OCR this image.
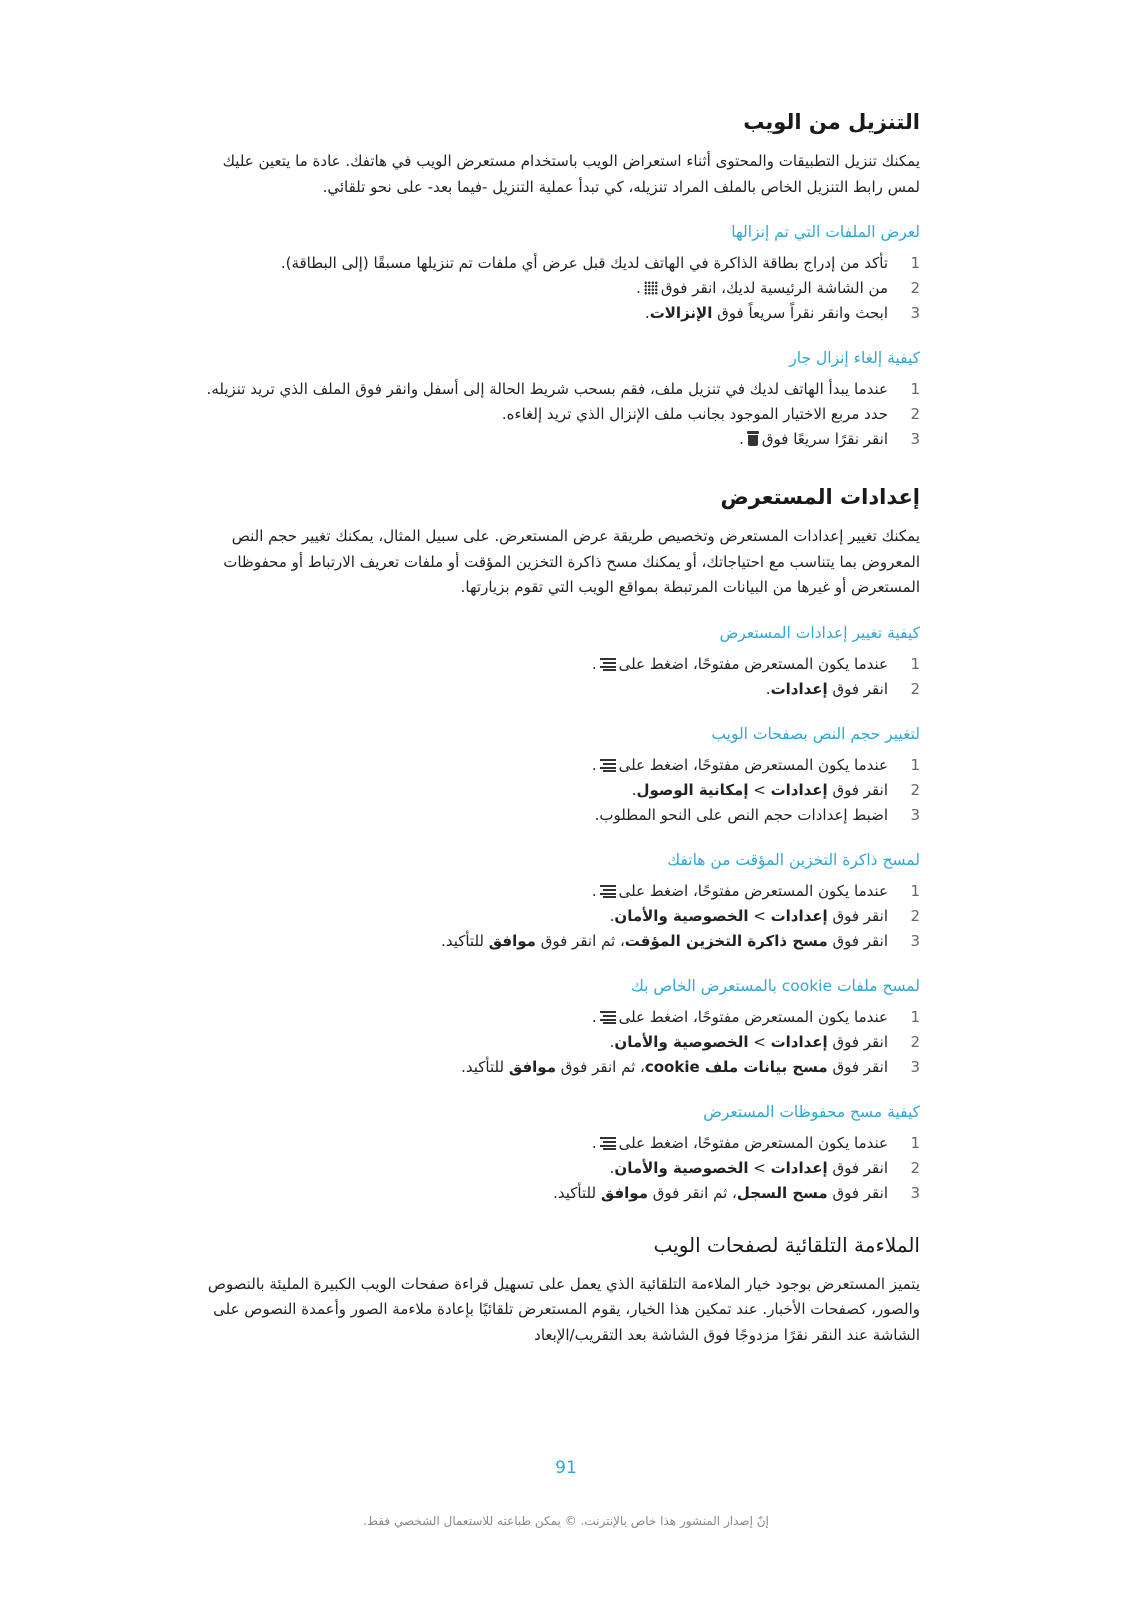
التنزيل من الويب

يمكنك تنزيل التطبيقات والمحتوى أثناء استعراض الويب باستخدام مستعرض الويب في هاتفك. عادة ما يتعين عليك لمس رابط التنزيل الخاص بالملف المراد تنزيله، كي تبدأ عملية التنزيل -فيما بعد- على نحو تلقائي.

لعرض الملفات التي تم إنزالها
1
تأكد من إدراج بطاقة الذاكرة في الهاتف لديك قبل عرض أي ملفات تم تنزيلها مسبقًا (إلى البطاقة).
2
من الشاشة الرئيسية لديك، انقر فوق.
3
ابحث وانقر نقراً سريعاً فوق الإنزالات.
كيفية إلغاء إنزال جار
1
عندما يبدأ الهاتف لديك في تنزيل ملف، فقم بسحب شريط الحالة إلى أسفل وانقر فوق الملف الذي تريد تنزيله.
2
حدد مربع الاختيار الموجود بجانب ملف الإنزال الذي تريد إلغاءه.
3
انقر نقرًا سريعًا فوق
.
إعدادات المستعرض

يمكنك تغيير إعدادات المستعرض وتخصيص طريقة عرض المستعرض. على سبيل المثال، يمكنك تغيير حجم النص المعروض بما يتناسب مع احتياجاتك، أو يمكنك مسح ذاكرة التخزين المؤقت أو ملفات تعريف الارتباط أو محفوظات المستعرض أو غيرها من البيانات المرتبطة بمواقع الويب التي تقوم بزيارتها.

كيفية تغيير إعدادات المستعرض
1
عندما يكون المستعرض مفتوحًا، اضغط على
.
2
انقر فوق إعدادات.
لتغيير حجم النص بصفحات الويب
1
عندما يكون المستعرض مفتوحًا، اضغط على
.
2
انقر فوق إعدادات > إمكانية الوصول.
3
اضبط إعدادات حجم النص على النحو المطلوب.
لمسح ذاكرة التخزين المؤقت من هاتفك
1
عندما يكون المستعرض مفتوحًا، اضغط على
.
2
انقر فوق إعدادات > الخصوصية والأمان.
3
انقر فوق مسح ذاكرة التخزين المؤقت، ثم انقر فوق موافق للتأكيد.
لمسح ملفات cookie بالمستعرض الخاص بك
1
عندما يكون المستعرض مفتوحًا، اضغط على
.
2
انقر فوق إعدادات > الخصوصية والأمان.
3
انقر فوق مسح بيانات ملف cookie، ثم انقر فوق موافق للتأكيد.
كيفية مسح محفوظات المستعرض
1
عندما يكون المستعرض مفتوحًا، اضغط على
.
2
انقر فوق إعدادات > الخصوصية والأمان.
3
انقر فوق مسح السجل، ثم انقر فوق موافق للتأكيد.
الملاءمة التلقائية لصفحات الويب

يتميز المستعرض بوجود خيار الملاءمة التلقائية الذي يعمل على تسهيل قراءة صفحات الويب الكبيرة المليئة بالنصوص والصور، كصفحات الأخبار. عند تمكين هذا الخيار، يقوم المستعرض تلقائيًا بإعادة ملاءمة الصور وأعمدة النصوص على الشاشة عند النقر نقرًا مزدوجًا فوق الشاشة بعد التقريب/الإبعاد

91
إنّ إصدار المنشور هذا خاص بالإنترنت. © يمكن طباعته للاستعمال الشخصي فقط.
